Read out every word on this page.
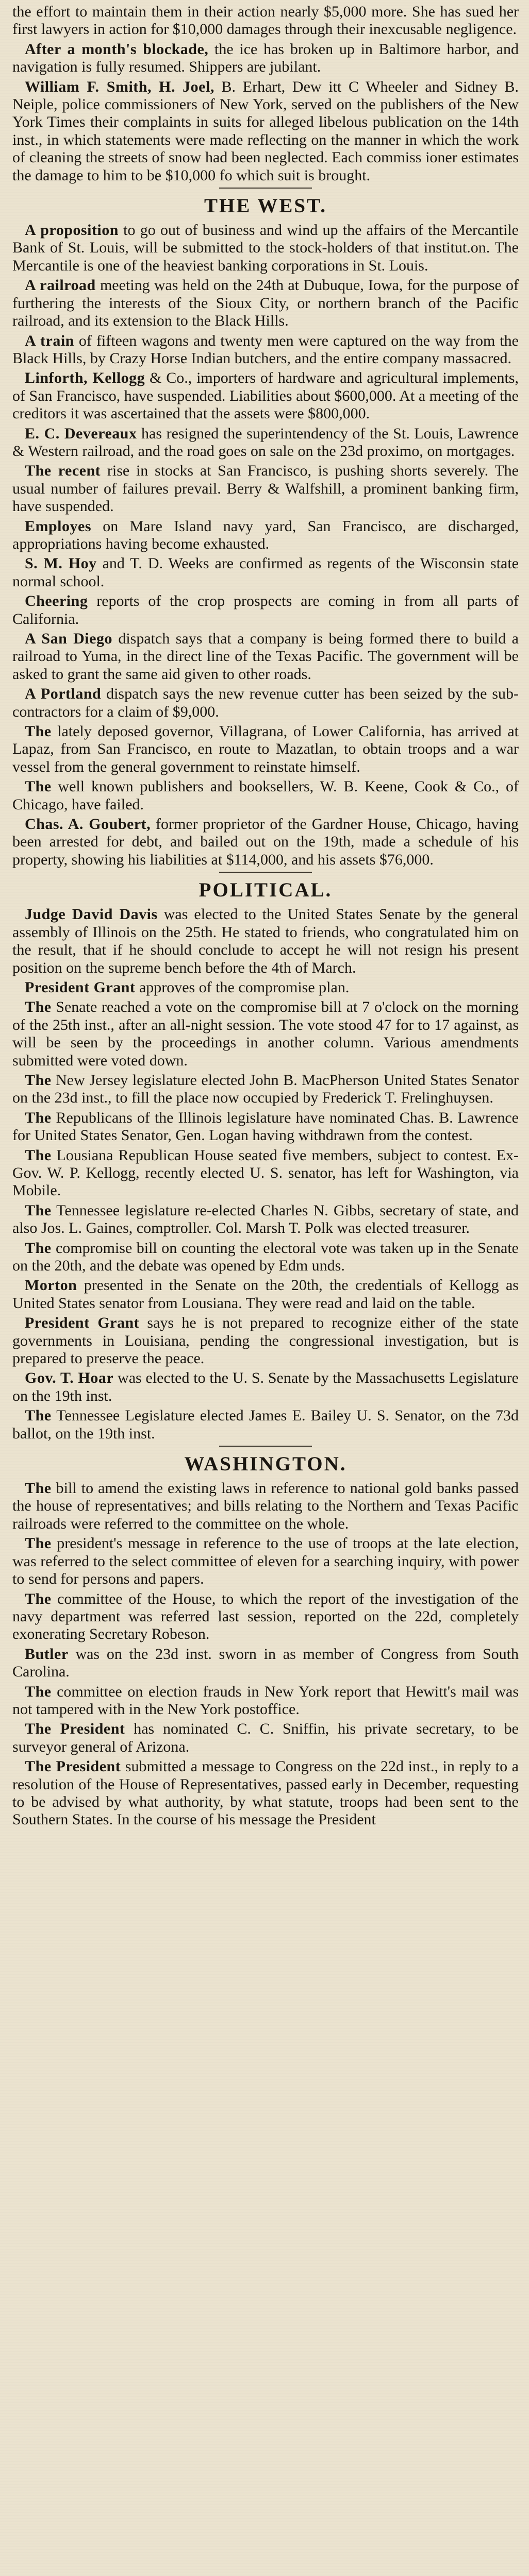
the effort to maintain them in their action nearly $5,000 more. She has sued her first lawyers in action for $10,000 damages through their inexcusable negligence.

After a month's blockade, the ice has broken up in Baltimore harbor, and navigation is fully resumed. Shippers are jubilant.

William F. Smith, H. Joel, B. Erhart, Dew itt C Wheeler and Sidney B. Neiple, police commissioners of New York, served on the publishers of the New York Times their complaints in suits for alleged libelous publication on the 14th inst., in which statements were made reflecting on the manner in which the work of cleaning the streets of snow had been neglected. Each commiss ioner estimates the damage to him to be $10,000 fo which suit is brought.

THE WEST.

A proposition to go out of business and wind up the affairs of the Mercantile Bank of St. Louis, will be submitted to the stock-holders of that institut.on. The Mercantile is one of the heaviest banking corporations in St. Louis.

A railroad meeting was held on the 24th at Dubuque, Iowa, for the purpose of furthering the interests of the Sioux City, or northern branch of the Pacific railroad, and its extension to the Black Hills.

A train of fifteen wagons and twenty men were captured on the way from the Black Hills, by Crazy Horse Indian butchers, and the entire company massacred.

Linforth, Kellogg & Co., importers of hardware and agricultural implements, of San Francisco, have suspended. Liabilities about $600,000. At a meeting of the creditors it was ascertained that the assets were $800,000.

E. C. Devereaux has resigned the superintendency of the St. Louis, Lawrence & Western railroad, and the road goes on sale on the 23d proximo, on mortgages.

The recent rise in stocks at San Francisco, is pushing shorts severely. The usual number of failures prevail. Berry & Walfshill, a prominent banking firm, have suspended.

Employes on Mare Island navy yard, San Francisco, are discharged, appropriations having become exhausted.

S. M. Hoy and T. D. Weeks are confirmed as regents of the Wisconsin state normal school.

Cheering reports of the crop prospects are coming in from all parts of California.

A San Diego dispatch says that a company is being formed there to build a railroad to Yuma, in the direct line of the Texas Pacific. The government will be asked to grant the same aid given to other roads.

A Portland dispatch says the new revenue cutter has been seized by the sub-contractors for a claim of $9,000.

The lately deposed governor, Villagrana, of Lower California, has arrived at Lapaz, from San Francisco, en route to Mazatlan, to obtain troops and a war vessel from the general government to reinstate himself.

The well known publishers and booksellers, W. B. Keene, Cook & Co., of Chicago, have failed.

Chas. A. Goubert, former proprietor of the Gardner House, Chicago, having been arrested for debt, and bailed out on the 19th, made a schedule of his property, showing his liabilities at $114,000, and his assets $76,000.

POLITICAL.

Judge David Davis was elected to the United States Senate by the general assembly of Illinois on the 25th. He stated to friends, who congratulated him on the result, that if he should conclude to accept he will not resign his present position on the supreme bench before the 4th of March.

President Grant approves of the compromise plan.

The Senate reached a vote on the compromise bill at 7 o'clock on the morning of the 25th inst., after an all-night session. The vote stood 47 for to 17 against, as will be seen by the proceedings in another column. Various amendments submitted were voted down.

The New Jersey legislature elected John B. MacPherson United States Senator on the 23d inst., to fill the place now occupied by Frederick T. Frelinghuysen.

The Republicans of the Illinois legislature have nominated Chas. B. Lawrence for United States Senator, Gen. Logan having withdrawn from the contest.

The Lousiana Republican House seated five members, subject to contest. Ex-Gov. W. P. Kellogg, recently elected U. S. senator, has left for Washington, via Mobile.

The Tennessee legislature re-elected Charles N. Gibbs, secretary of state, and also Jos. L. Gaines, comptroller. Col. Marsh T. Polk was elected treasurer.

The compromise bill on counting the electoral vote was taken up in the Senate on the 20th, and the debate was opened by Edm unds.

Morton presented in the Senate on the 20th, the credentials of Kellogg as United States senator from Lousiana. They were read and laid on the table.

President Grant says he is not prepared to recognize either of the state governments in Louisiana, pending the congressional investigation, but is prepared to preserve the peace.

Gov. T. Hoar was elected to the U. S. Senate by the Massachusetts Legislature on the 19th inst.

The Tennessee Legislature elected James E. Bailey U. S. Senator, on the 73d ballot, on the 19th inst.

WASHINGTON.

The bill to amend the existing laws in reference to national gold banks passed the house of representatives; and bills relating to the Northern and Texas Pacific railroads were referred to the committee on the whole.

The president's message in reference to the use of troops at the late election, was referred to the select committee of eleven for a searching inquiry, with power to send for persons and papers.

The committee of the House, to which the report of the investigation of the navy department was referred last session, reported on the 22d, completely exonerating Secretary Robeson.

Butler was on the 23d inst. sworn in as member of Congress from South Carolina.

The committee on election frauds in New York report that Hewitt's mail was not tampered with in the New York postoffice.

The President has nominated C. C. Sniffin, his private secretary, to be surveyor general of Arizona.

The President submitted a message to Congress on the 22d inst., in reply to a resolution of the House of Representatives, passed early in December, requesting to be advised by what authority, by what statute, troops had been sent to the Southern States. In the course of his message the President
